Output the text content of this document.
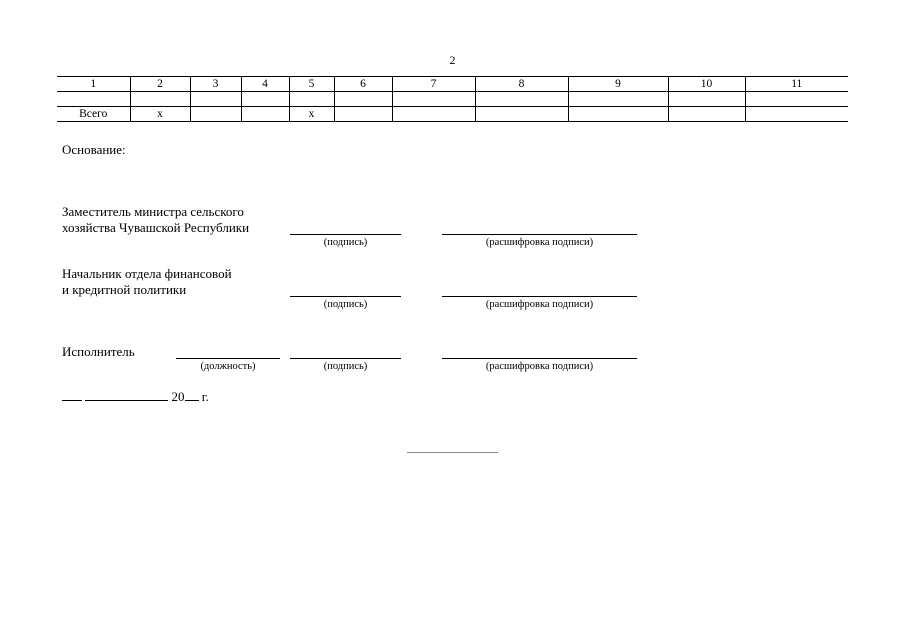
2
1	2	3	4	5	6	7	8	9	10	11

Всего	х			х						
Основание:
Заместитель министра сельского
хозяйства Чувашской Республики
(подпись)	(расшифровка подписи)
Начальник отдела финансовой
и кредитной политики
(подпись)	(расшифровка подписи)
Исполнитель
(должность)	(подпись)	(расшифровка подписи)
20 г.
